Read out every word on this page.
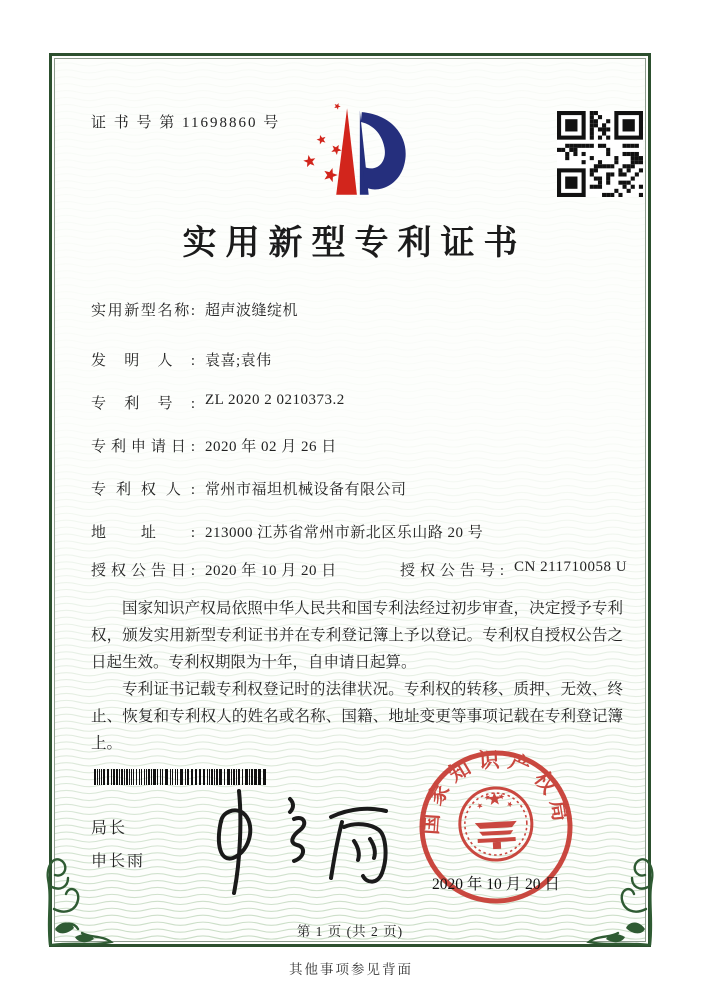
证 书 号 第 11698860 号
实用新型专利证书
实用新型名称: 超声波缝绽机
发明人: 袁喜;袁伟
专利号: ZL 2020 2 0210373.2
专利申请日: 2020 年 02 月 26 日
专利权人: 常州市福坦机械设备有限公司
地址: 213000 江苏省常州市新北区乐山路 20 号
授权公告日: 2020 年 10 月 20 日	授权公告号: CN 211710058 U

国家知识产权局依照中华人民共和国专利法经过初步审查，决定授予专利权，颁发实用新型专利证书并在专利登记簿上予以登记。专利权自授权公告之日起生效。专利权期限为十年，自申请日起算。

专利证书记载专利权登记时的法律状况。专利权的转移、质押、无效、终止、恢复和专利权人的姓名或名称、国籍、地址变更等事项记载在专利登记簿上。

局长
申长雨
国家知识产权局
2020 年 10 月 20 日
第 1 页 (共 2 页)
其他事项参见背面
